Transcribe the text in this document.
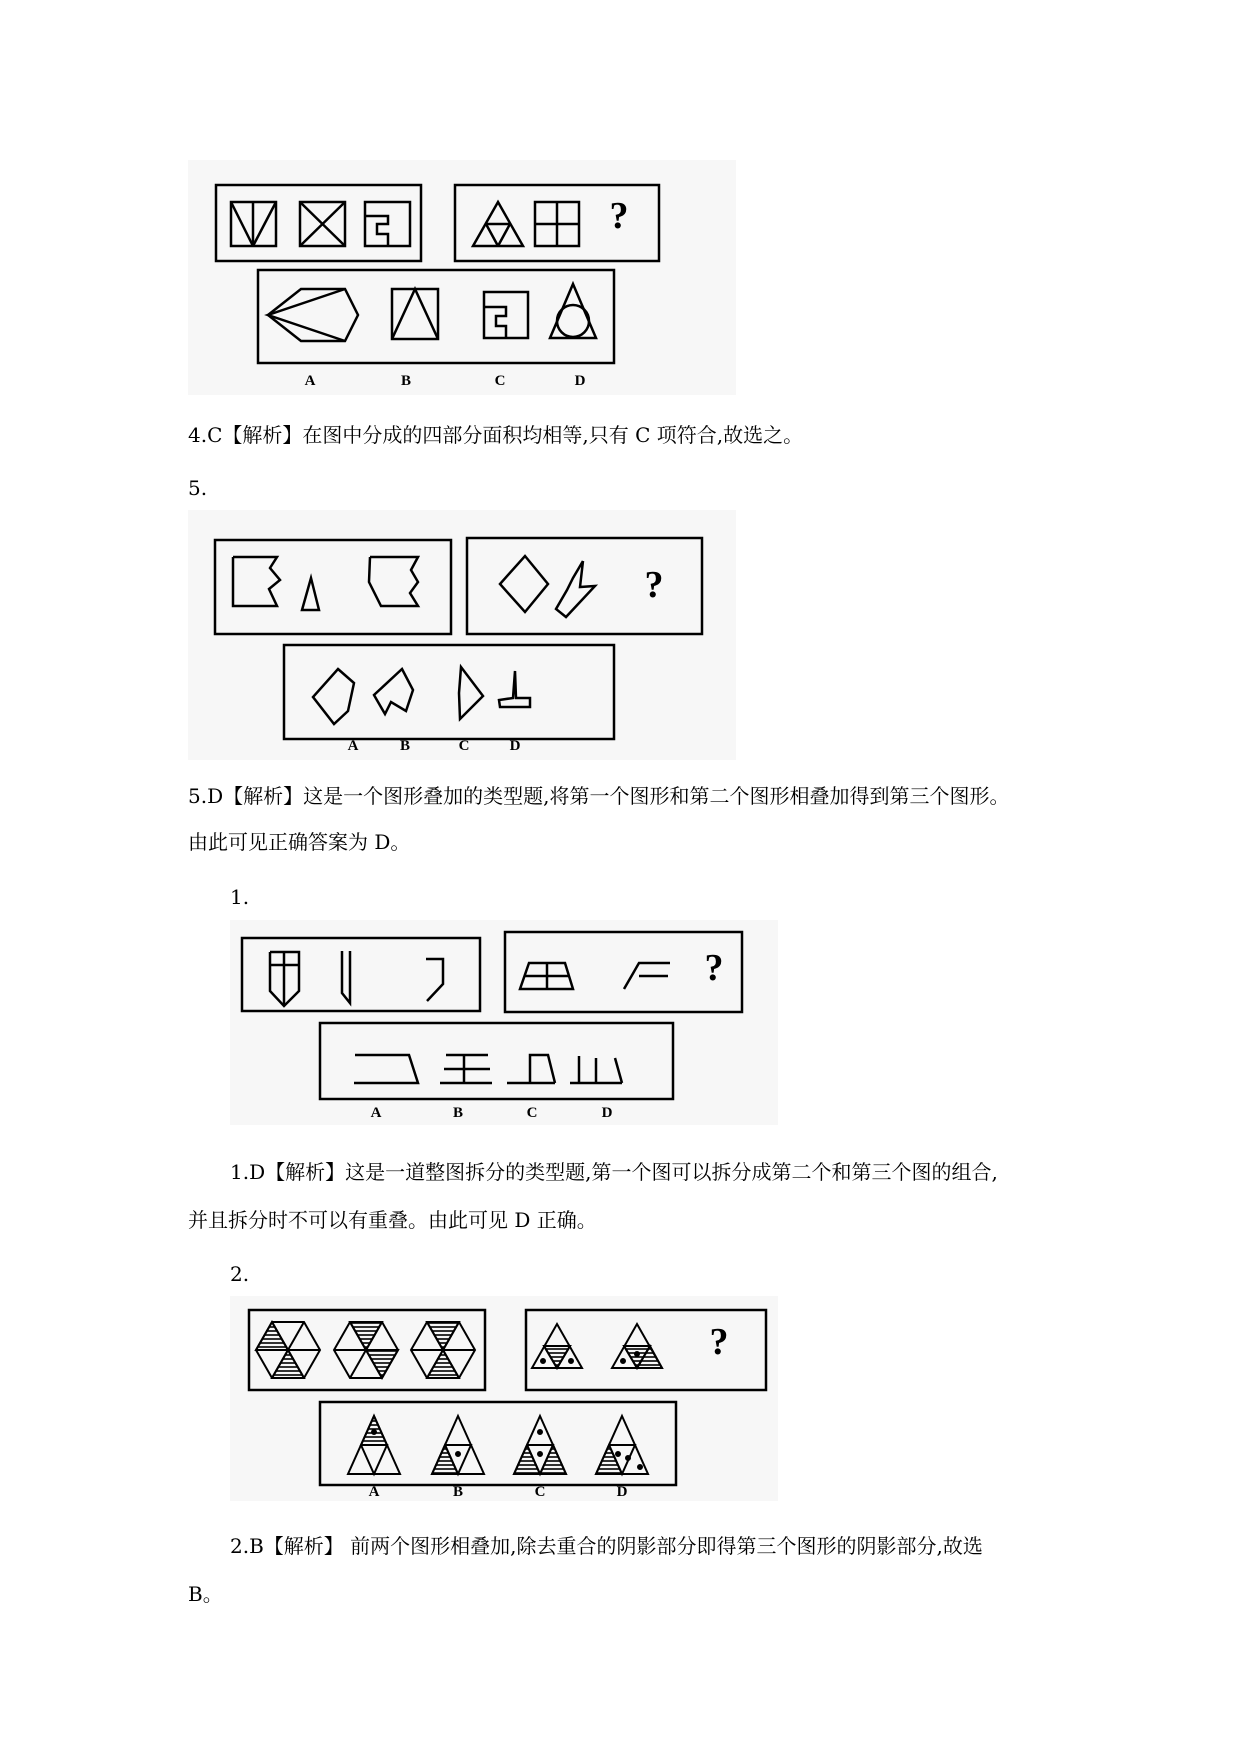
?
A	B	C	D
4.C【解析】在图中分成的四部分面积均相等,只有 C 项符合,故选之。
5.
?
A	B	C	D
5.D【解析】这是一个图形叠加的类型题,将第一个图形和第二个图形相叠加得到第三个图形。
由此可见正确答案为 D。
1.
?
A	B	C	D
1.D【解析】这是一道整图拆分的类型题,第一个图可以拆分成第二个和第三个图的组合,
并且拆分时不可以有重叠。由此可见 D 正确。
2.
?
A	B	C	D
2.B【解析】 前两个图形相叠加,除去重合的阴影部分即得第三个图形的阴影部分,故选
B。
